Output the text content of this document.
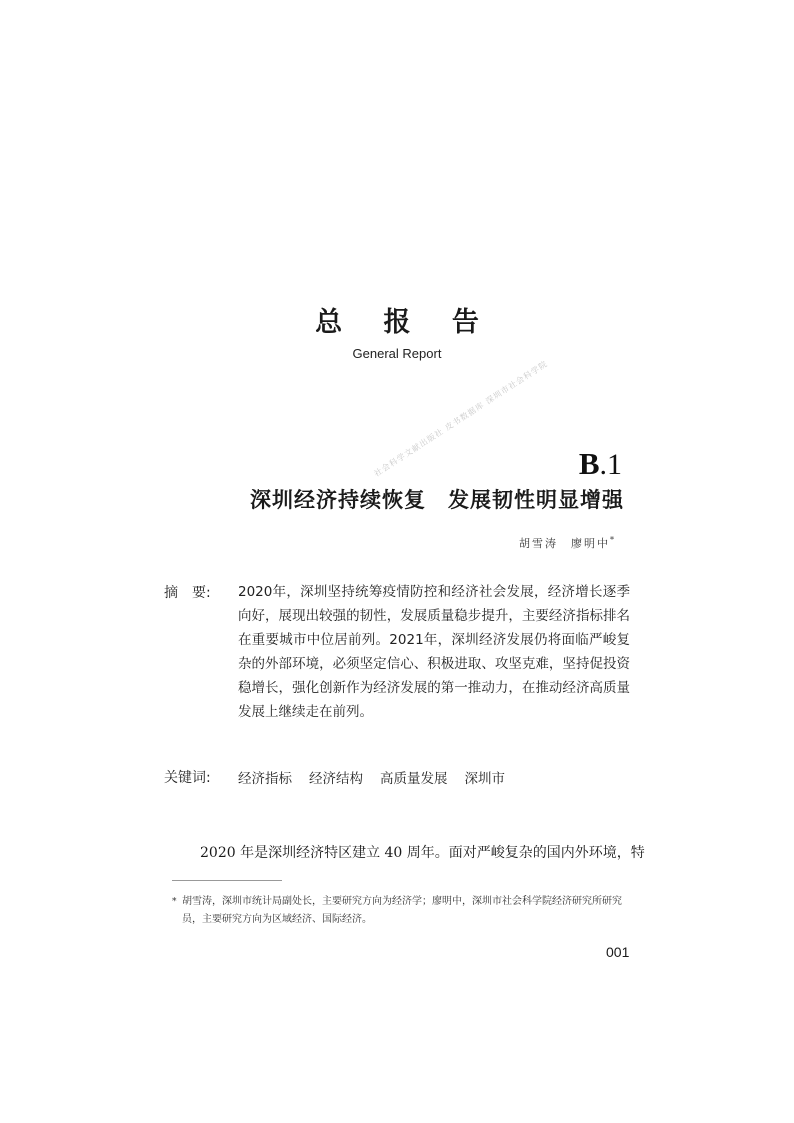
总 报 告
General Report
社会科学文献出版社 皮书数据库 深圳市社会科学院 B.1
深圳经济持续恢复　发展韧性明显增强
胡雪涛　廖明中*
摘　要: 2020年，深圳坚持统筹疫情防控和经济社会发展，经济增长逐季向好，展现出较强的韧性，发展质量稳步提升，主要经济指标排名在重要城市中位居前列。2021年，深圳经济发展仍将面临严峻复杂的外部环境，必须坚定信心、积极进取、攻坚克难，坚持促投资稳增长，强化创新作为经济发展的第一推动力，在推动经济高质量发展上继续走在前列。
关键词: 经济指标 经济结构 高质量发展 深圳市
2020 年是深圳经济特区建立 40 周年。面对严峻复杂的国内外环境，特
* 胡雪涛，深圳市统计局副处长，主要研究方向为经济学；廖明中，深圳市社会科学院经济研究所研究员，主要研究方向为区域经济、国际经济。
001
